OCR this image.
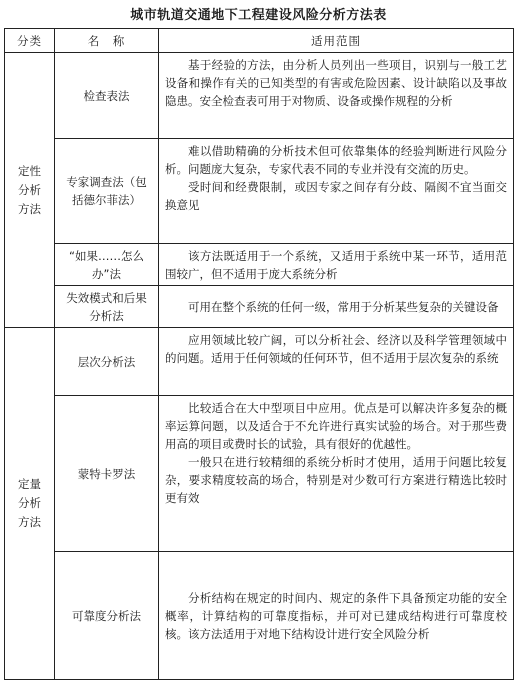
城市轨道交通地下工程建设风险分析方法表
分类	名　称	适用范围
定性分析方法	检查表法	基于经验的方法，由分析人员列出一些项目，识别与一般工艺设备和操作有关的已知类型的有害或危险因素、设计缺陷以及事故隐患。安全检查表可用于对物质、设备或操作规程的分析

	专家调查法（包括德尔菲法）	难以借助精确的分析技术但可依靠集体的经验判断进行风险分析。问题庞大复杂，专家代表不同的专业并没有交流的历史。

受时间和经费限制，或因专家之间存有分歧、隔阂不宜当面交换意见

	“如果……怎么办”法	该方法既适用于一个系统，又适用于系统中某一环节，适用范围较广，但不适用于庞大系统分析

	失效模式和后果分析法	可用在整个系统的任何一级，常用于分析某些复杂的关键设备

定量分析方法	层次分析法	应用领域比较广阔，可以分析社会、经济以及科学管理领域中的问题。适用于任何领域的任何环节，但不适用于层次复杂的系统

	蒙特卡罗法	比较适合在大中型项目中应用。优点是可以解决许多复杂的概率运算问题，以及适合于不允许进行真实试验的场合。对于那些费用高的项目或费时长的试验，具有很好的优越性。

一般只在进行较精细的系统分析时才使用，适用于问题比较复杂，要求精度较高的场合，特别是对少数可行方案进行精选比较时更有效

	可靠度分析法	分析结构在规定的时间内、规定的条件下具备预定功能的安全概率，计算结构的可靠度指标，并可对已建成结构进行可靠度校核。该方法适用于对地下结构设计进行安全风险分析
